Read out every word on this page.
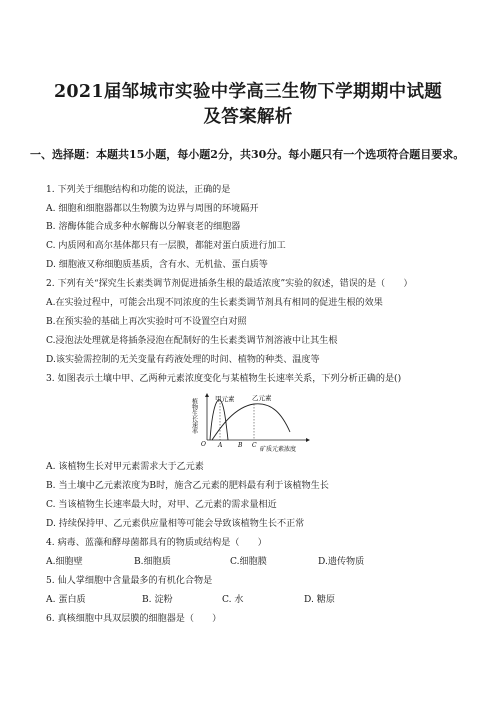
2021届邹城市实验中学高三生物下学期期中试题
及答案解析
一、选择题：本题共15小题，每小题2分，共30分。每小题只有一个选项符合题目要求。
1. 下列关于细胞结构和功能的说法，正确的是
A. 细胞和细胞器都以生物膜为边界与周围的环境隔开
B. 溶酶体能合成多种水解酶以分解衰老的细胞器
C. 内质网和高尔基体都只有一层膜，都能对蛋白质进行加工
D. 细胞液又称细胞质基质，含有水、无机盐、蛋白质等
2. 下列有关“探究生长素类调节剂促进插条生根的最适浓度”实验的叙述，错误的是（　　）
A.在实验过程中，可能会出现不同浓度的生长素类调节剂具有相同的促进生根的效果
B.在预实验的基础上再次实验时可不设置空白对照
C.浸泡法处理就是将插条浸泡在配制好的生长素类调节剂溶液中让其生根
D.该实验需控制的无关变量有药液处理的时间、植物的种类、温度等
3. 如图表示土壤中甲、乙两种元素浓度变化与某植物生长速率关系，下列分析正确的是()
植物生长速率	甲元素	乙元素
O A	B C
矿质元素浓度
A. 该植物生长对甲元素需求大于乙元素
B. 当土壤中乙元素浓度为B时，施含乙元素的肥料最有利于该植物生长
C. 当该植物生长速率最大时，对甲、乙元素的需求量相近
D. 持续保持甲、乙元素供应量相等可能会导致该植物生长不正常
4. 病毒、蓝藻和酵母菌都具有的物质或结构是（　　）
A.细胞壁	B.细胞质	C.细胞膜	D.遗传物质
5. 仙人掌细胞中含量最多的有机化合物是
A. 蛋白质	B. 淀粉	C. 水	D. 糖原
6. 真核细胞中具双层膜的细胞器是（　　）
